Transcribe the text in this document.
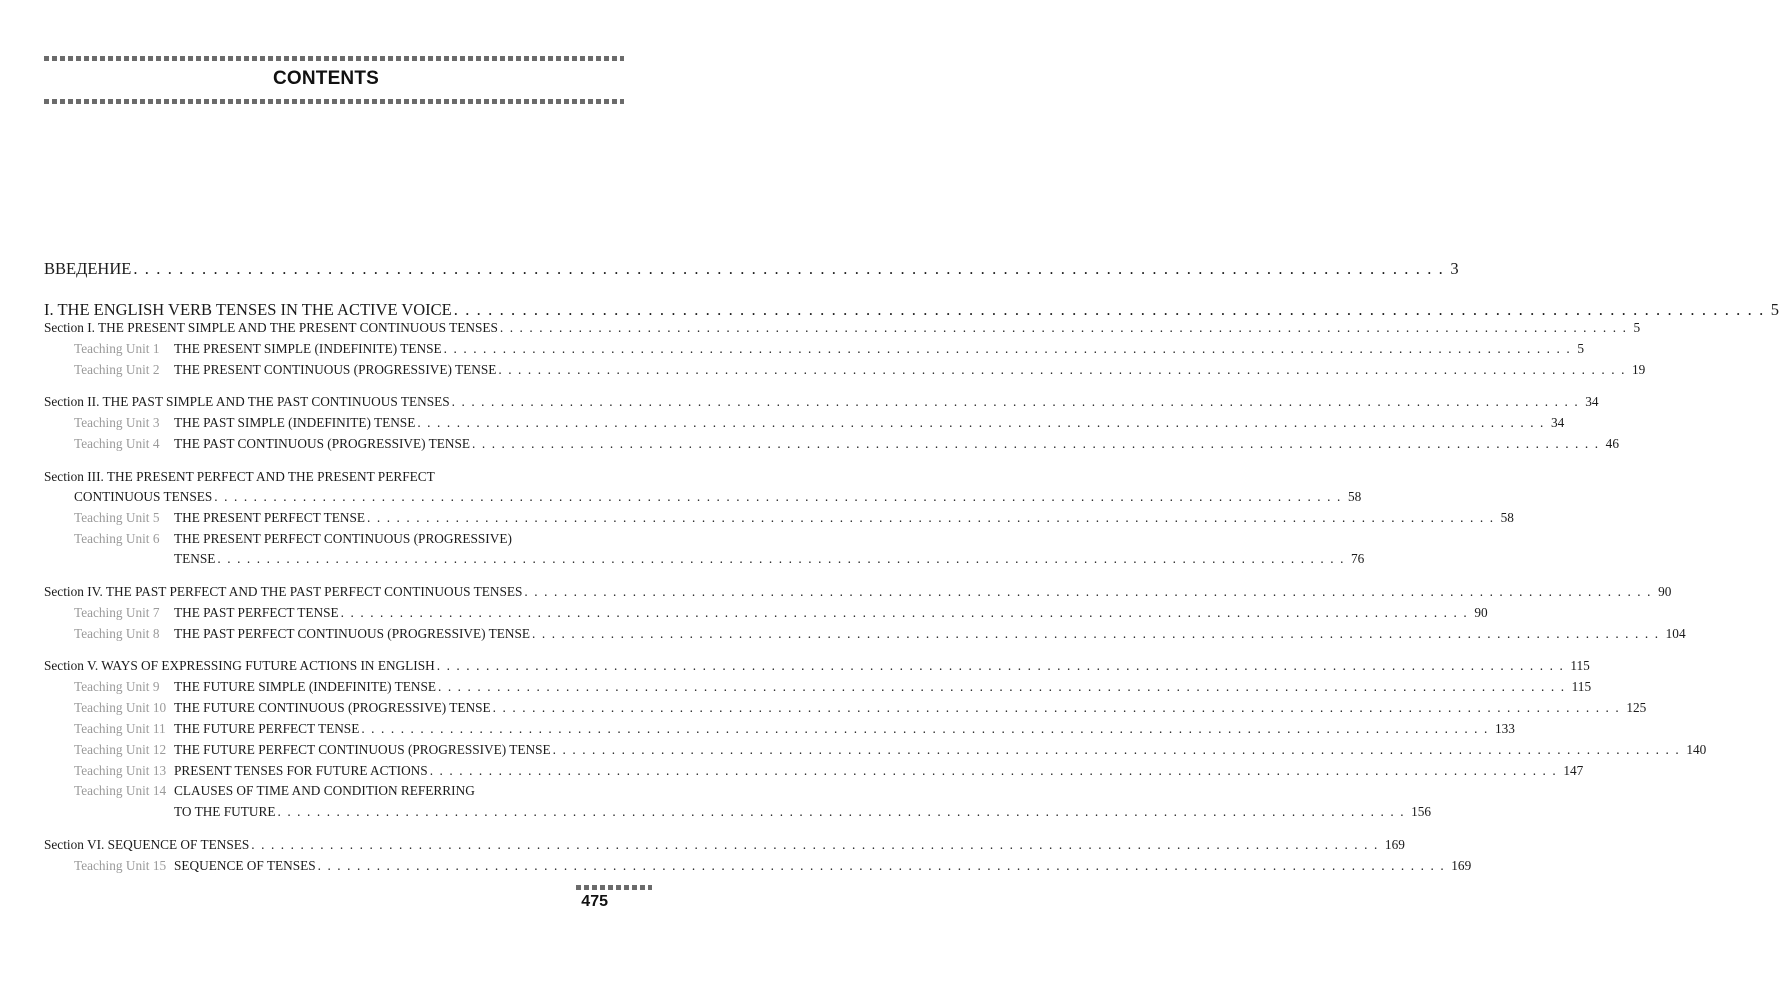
CONTENTS
ВВЕДЕНИЕ . . .	3
I. THE ENGLISH VERB TENSES IN THE ACTIVE VOICE . . .	5
Section I. THE PRESENT SIMPLE AND THE PRESENT CONTINUOUS TENSES . . .	5
Teaching Unit 1	THE PRESENT SIMPLE (INDEFINITE) TENSE . . .	5
Teaching Unit 2	THE PRESENT CONTINUOUS (PROGRESSIVE) TENSE . . .	19
Section II. THE PAST SIMPLE AND THE PAST CONTINUOUS TENSES . . .	34
Teaching Unit 3	THE PAST SIMPLE (INDEFINITE) TENSE . . .	34
Teaching Unit 4	THE PAST CONTINUOUS (PROGRESSIVE) TENSE . . .	46
Section III. THE PRESENT PERFECT AND THE PRESENT PERFECT
CONTINUOUS TENSES . . .	58
Teaching Unit 5	THE PRESENT PERFECT TENSE . . .	58
Teaching Unit 6	THE PRESENT PERFECT CONTINUOUS (PROGRESSIVE)
TENSE . . .	76
Section IV. THE PAST PERFECT AND THE PAST PERFECT CONTINUOUS TENSES . . .	90
Teaching Unit 7	THE PAST PERFECT TENSE . . .	90
Teaching Unit 8	THE PAST PERFECT CONTINUOUS (PROGRESSIVE) TENSE . . .	104
Section V. WAYS OF EXPRESSING FUTURE ACTIONS IN ENGLISH . . .	115
Teaching Unit 9	THE FUTURE SIMPLE (INDEFINITE) TENSE . . .	115
Teaching Unit 10 THE FUTURE CONTINUOUS (PROGRESSIVE) TENSE . . .	125
Teaching Unit 11 THE FUTURE PERFECT TENSE . . .	133
Teaching Unit 12 THE FUTURE PERFECT CONTINUOUS (PROGRESSIVE) TENSE . . .	140
Teaching Unit 13 PRESENT TENSES FOR FUTURE ACTIONS . . .	147
Teaching Unit 14 CLAUSES OF TIME AND CONDITION REFERRING
TO THE FUTURE . . .	156
Section VI. SEQUENCE OF TENSES . . .	169
Teaching Unit 15 SEQUENCE OF TENSES . . .	169
475
